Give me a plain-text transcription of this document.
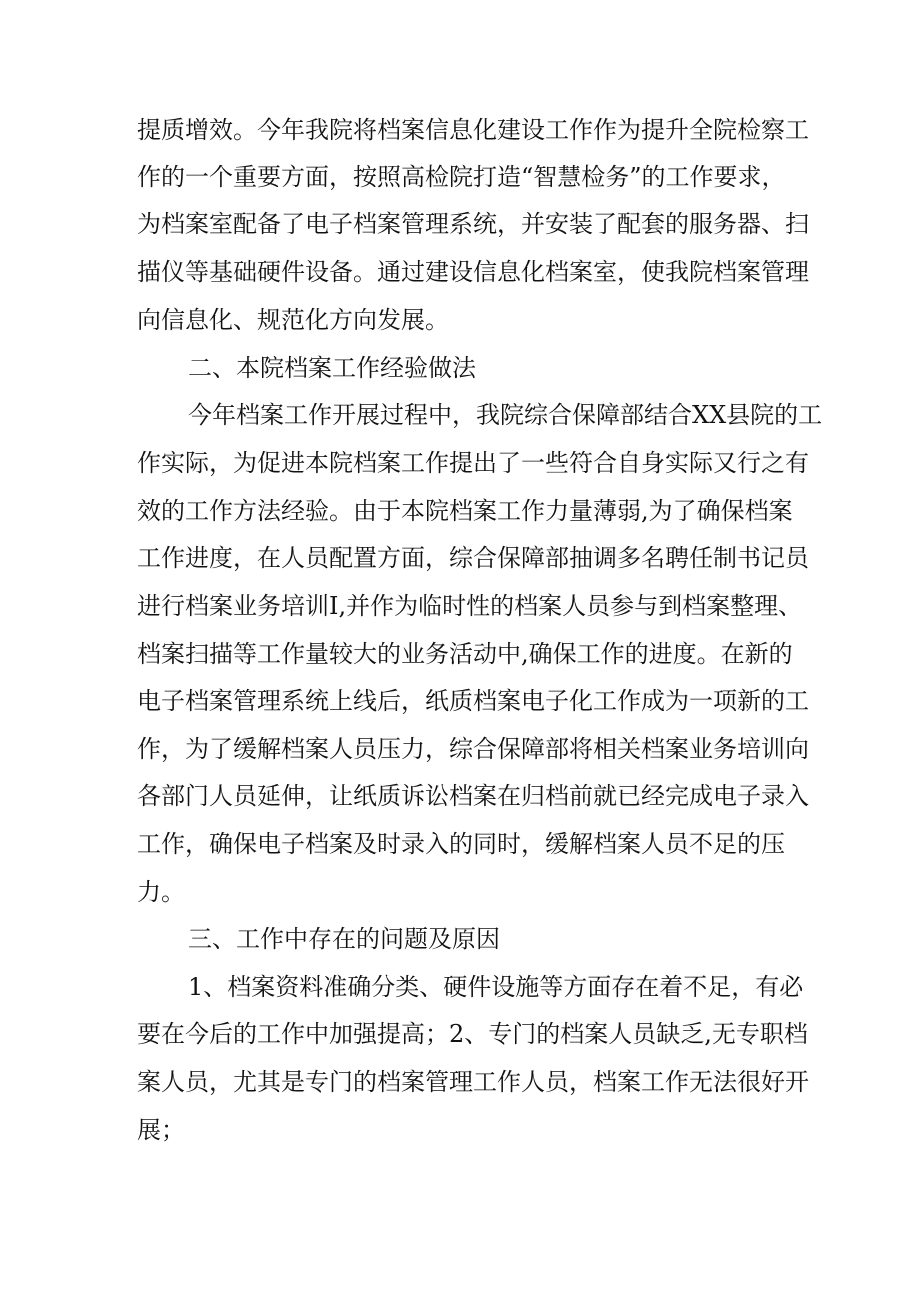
提质增效。今年我院将档案信息化建设工作作为提升全院检察工

作的一个重要方面，按照高检院打造“智慧检务”的工作要求，

为档案室配备了电子档案管理系统，并安装了配套的服务器、扫

描仪等基础硬件设备。通过建设信息化档案室，使我院档案管理

向信息化、规范化方向发展。

二、本院档案工作经验做法

今年档案工作开展过程中，我院综合保障部结合XX县院的工

作实际，为促进本院档案工作提出了一些符合自身实际又行之有

效的工作方法经验。由于本院档案工作力量薄弱,为了确保档案

工作进度，在人员配置方面，综合保障部抽调多名聘任制书记员

进行档案业务培训I,并作为临时性的档案人员参与到档案整理、

档案扫描等工作量较大的业务活动中,确保工作的进度。在新的

电子档案管理系统上线后，纸质档案电子化工作成为一项新的工

作，为了缓解档案人员压力，综合保障部将相关档案业务培训向

各部门人员延伸，让纸质诉讼档案在归档前就已经完成电子录入

工作，确保电子档案及时录入的同时，缓解档案人员不足的压

力。

三、工作中存在的问题及原因

1、档案资料准确分类、硬件设施等方面存在着不足，有必

要在今后的工作中加强提高；2、专门的档案人员缺乏,无专职档

案人员，尤其是专门的档案管理工作人员，档案工作无法很好开

展；
